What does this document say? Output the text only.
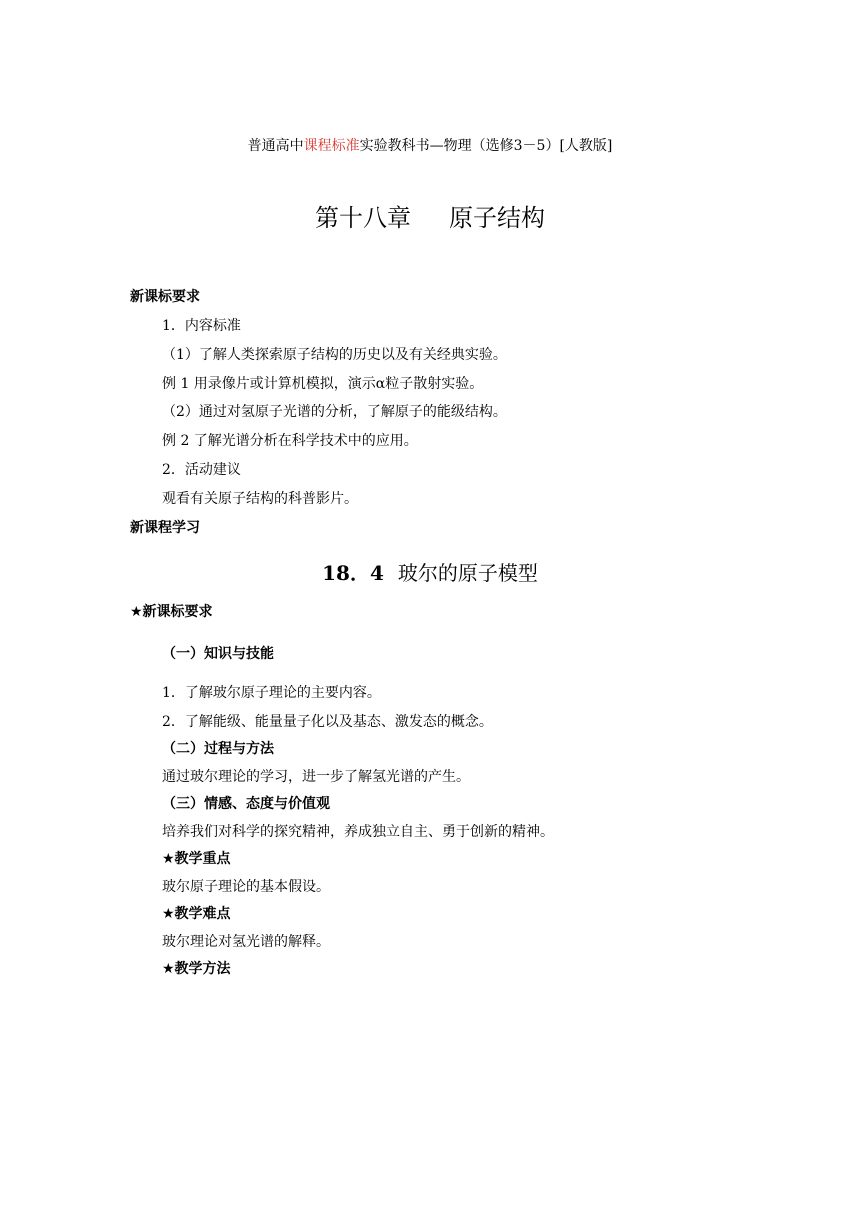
普通高中课程标准实验教科书—物理（选修3－5）[人教版]
第十八章 原子结构
新课标要求
1．内容标准
（1）了解人类探索原子结构的历史以及有关经典实验。
例 1 用录像片或计算机模拟，演示α粒子散射实验。
（2）通过对氢原子光谱的分析，了解原子的能级结构。
例 2 了解光谱分析在科学技术中的应用。
2．活动建议
观看有关原子结构的科普影片。
新课程学习
18．4 玻尔的原子模型
★新课标要求
（一）知识与技能
1．了解玻尔原子理论的主要内容。
2．了解能级、能量量子化以及基态、激发态的概念。
（二）过程与方法
通过玻尔理论的学习，进一步了解氢光谱的产生。
（三）情感、态度与价值观
培养我们对科学的探究精神，养成独立自主、勇于创新的精神。
★教学重点
玻尔原子理论的基本假设。
★教学难点
玻尔理论对氢光谱的解释。
★教学方法
